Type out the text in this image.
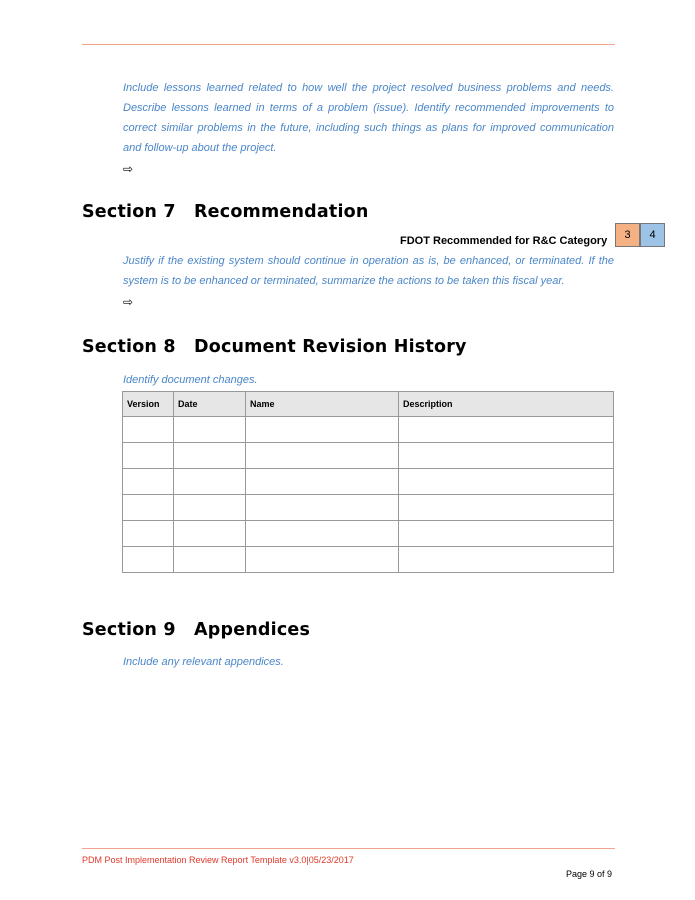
Include lessons learned related to how well the project resolved business problems and needs. Describe lessons learned in terms of a problem (issue). Identify recommended improvements to correct similar problems in the future, including such things as plans for improved communication and follow-up about the project.

⇨
Section 7 Recommendation
FDOT Recommended for R&C Category	3	4

Justify if the existing system should continue in operation as is, be enhanced, or terminated. If the system is to be enhanced or terminated, summarize the actions to be taken this fiscal year.

⇨
Section 8 Document Revision History

Identify document changes.

Version	Date	Name	Description

Section 9 Appendices

Include any relevant appendices.

PDM Post Implementation Review Report Template v3.0|05/23/2017
Page 9 of 9
